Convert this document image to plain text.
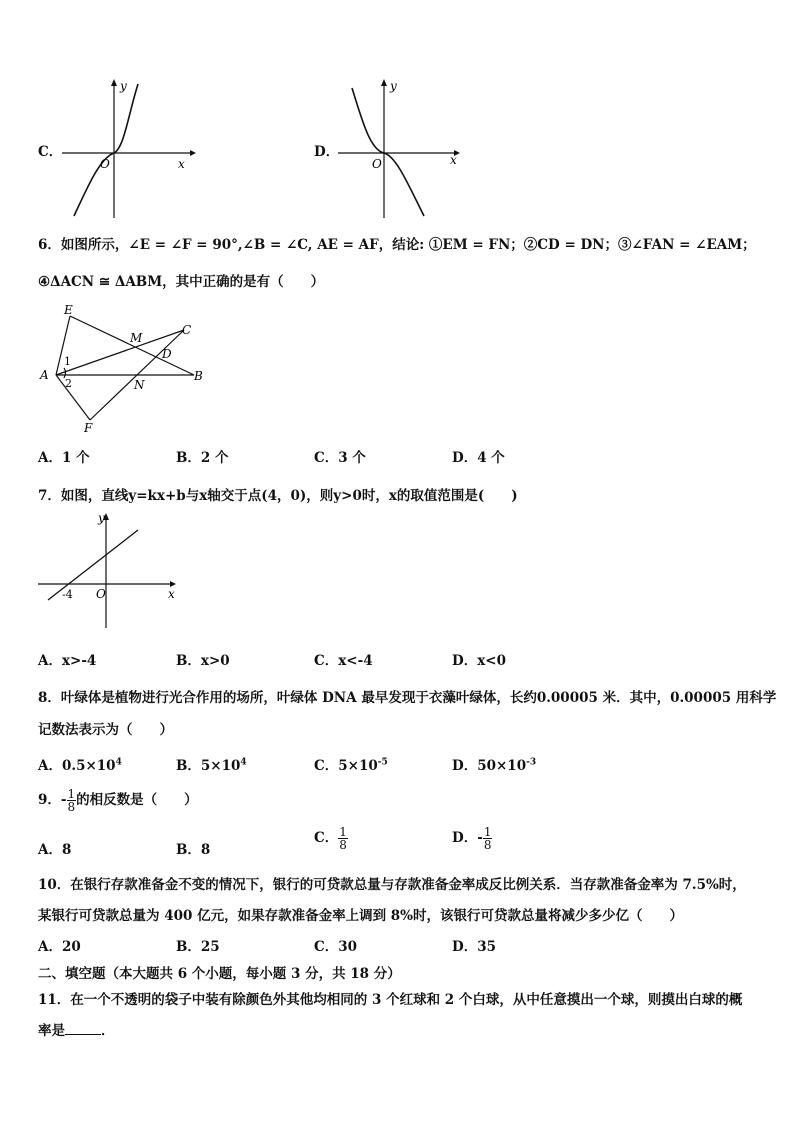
C．
y
x
O
D．
y
x
O
6．如图所示，∠E = ∠F = 90°,∠B = ∠C, AE = AF，结论: ①EM = FN；②CD = DN；③∠FAN = ∠EAM；
④ΔACN ≅ ΔABM，其中正确的是有（　　）
E
M
C
D
A
1
2	N
B
F
A．1 个	B．2 个	C．3 个	D．4 个
7．如图，直线y=kx+b与x轴交于点(4，0)，则y>0时，x的取值范围是(　　)
y
x
O
-4
A．x>-4	B．x>0	C．x<-4	D．x<0
8．叶绿体是植物进行光合作用的场所，叶绿体 DNA 最早发现于衣藻叶绿体，长约0.00005 米．其中，0.00005 用科学
记数法表示为（　　）
A．$0.5\times 10^4$	B．$5\times 10^4$	C．$5\times 10^{-5}$	D．$50\times 10^{-3}$
9．- $\frac{1}{8}$ 的相反数是（　　）
A．8	B．8
C． $\frac{1}{8}$	D．- $\frac{1}{8}$
10．在银行存款准备金不变的情况下，银行的可贷款总量与存款准备金率成反比例关系．当存款准备金率为 7.5%时，
某银行可贷款总量为 400 亿元，如果存款准备金率上调到 8%时，该银行可贷款总量将减少多少亿（　　）
A．20	B．25	C．30	D．35
二、填空题（本大题共 6 个小题，每小题 3 分，共 18 分）
11．在一个不透明的袋子中装有除颜色外其他均相同的 3 个红球和 2 个白球，从中任意摸出一个球，则摸出白球的概
率是	．
